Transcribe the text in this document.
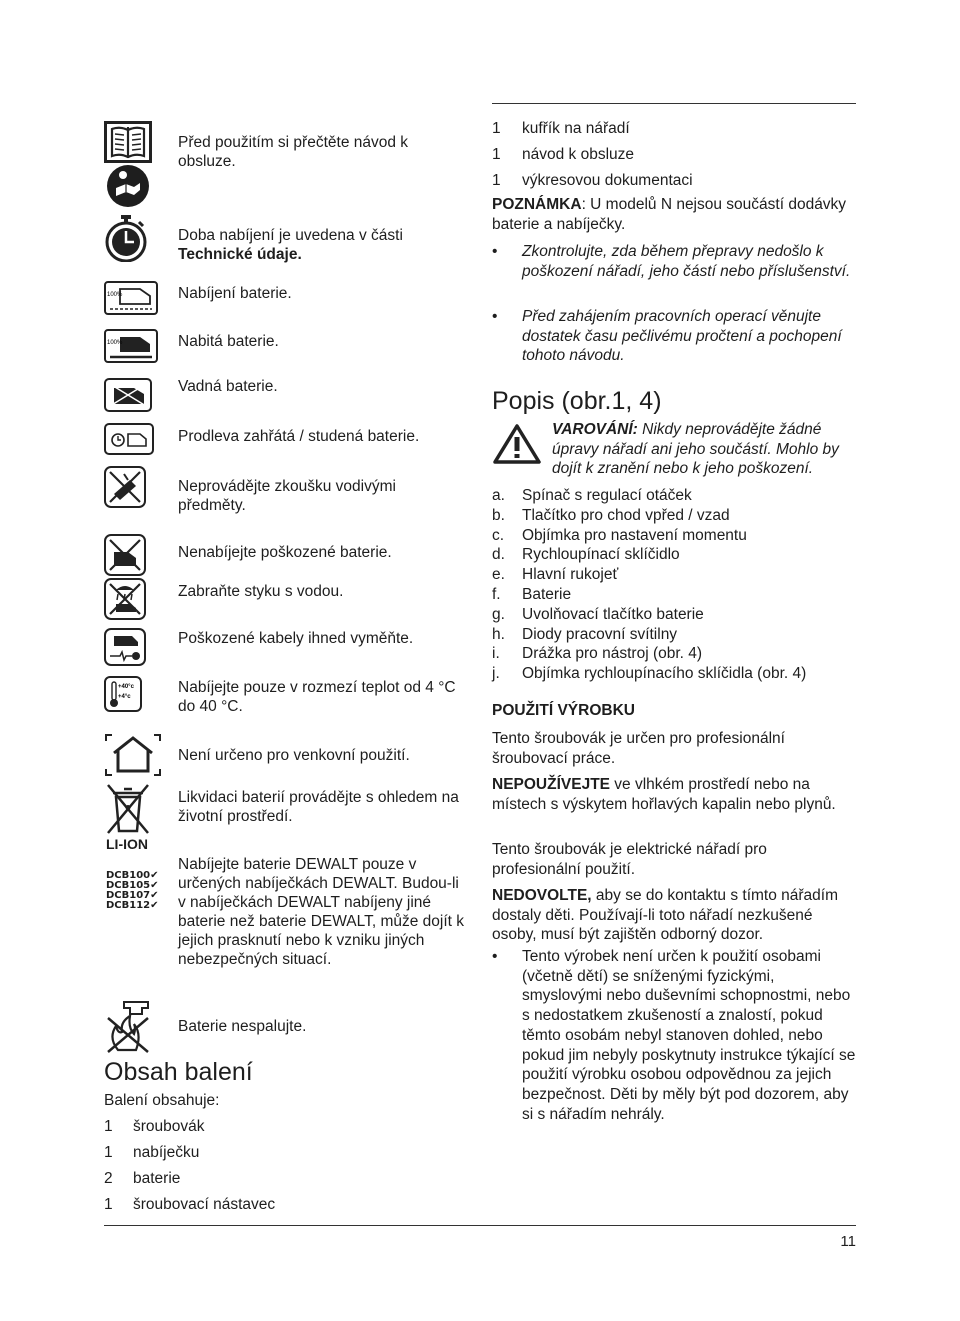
Před použitím si přečtěte návod k obsluze.
Doba nabíjení je uvedena v části
Technické údaje.
100%	Nabíjení baterie.
100%	Nabitá baterie.
Vadná baterie.
Prodleva zahřátá / studená baterie.
Neprovádějte zkoušku vodivými předměty.
Nenabíjejte poškozené baterie.
Zabraňte styku s vodou.
Poškozené kabely ihned vyměňte.
+40°c
+4°c
Nabíjejte pouze v rozmezí teplot od 4 °C do 40 °C.
Není určeno pro venkovní použití.
LI-ION
Likvidaci baterií provádějte s ohledem na životní prostředí.
DCB100✔
DCB105✔
DCB107✔
DCB112✔
Nabíjejte baterie DEWALT pouze v určených nabíječkách DEWALT. Budou-li v nabíječkách DEWALT nabíjeny jiné baterie než baterie DEWALT, může dojít k jejich prasknutí nebo k vzniku jiných nebezpečných situací.
Baterie nespalujte.
Obsah balení
Balení obsahuje:
1 šroubovák
1 nabíječku
2 baterie
1 šroubovací nástavec
1 kufřík na nářadí
1 návod k obsluze
1 výkresovou dokumentaci
POZNÁMKA: U modelů N nejsou součástí dodávky baterie a nabíječky.
• Zkontrolujte, zda během přepravy nedošlo k poškození nářadí, jeho částí nebo příslušenství.
• Před zahájením pracovních operací věnujte dostatek času pečlivému pročtení a pochopení tohoto návodu.
Popis (obr.1, 4)
VAROVÁNÍ: Nikdy neprovádějte žádné úpravy nářadí ani jeho součástí. Mohlo by dojít k zranění nebo k jeho poškození.
a. Spínač s regulací otáček
b. Tlačítko pro chod vpřed / vzad
c. Objímka pro nastavení momentu
d. Rychloupínací sklíčidlo
e. Hlavní rukojeť
f. Baterie
g. Uvolňovací tlačítko baterie
h. Diody pracovní svítilny
i. Drážka pro nástroj (obr. 4)
j. Objímka rychloupínacího sklíčidla (obr. 4)
POUŽITÍ VÝROBKU
Tento šroubovák je určen pro profesionální šroubovací práce.
NEPOUŽÍVEJTE ve vlhkém prostředí nebo na místech s výskytem hořlavých kapalin nebo plynů.
Tento šroubovák je elektrické nářadí pro profesionální použití.
NEDOVOLTE, aby se do kontaktu s tímto nářadím dostaly děti. Používají-li toto nářadí nezkušené osoby, musí být zajištěn odborný dozor.
• Tento výrobek není určen k použití osobami (včetně dětí) se sníženými fyzickými, smyslovými nebo duševními schopnostmi, nebo s nedostatkem zkušeností a znalostí, pokud těmto osobám nebyl stanoven dohled, nebo pokud jim nebyly poskytnuty instrukce týkající se použití výrobku osobou odpovědnou za jejich bezpečnost. Děti by měly být pod dozorem, aby si s nářadím nehrály.
11
